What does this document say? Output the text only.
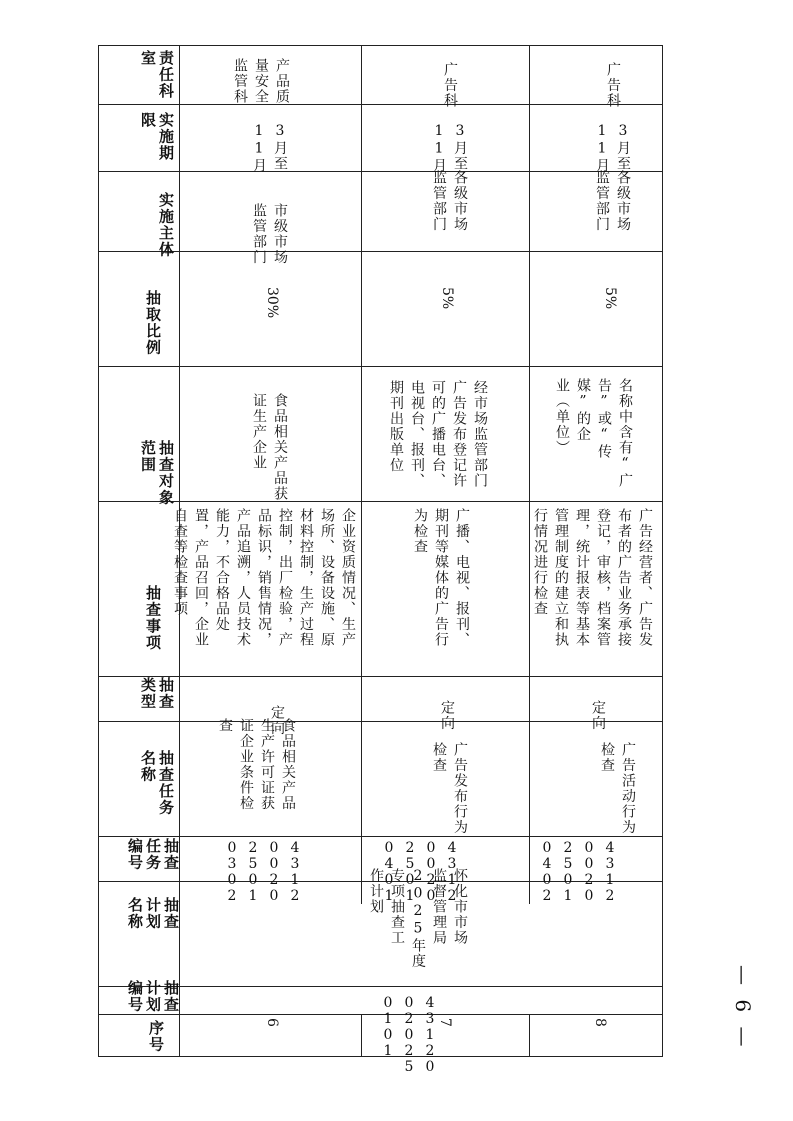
责任科室
实施期限
实施主体
抽取比例
抽查对象范围
抽查事项
抽查类型
抽查任务名称
抽查任务编号
抽查计划名称
抽查计划编号
序号
产品质
量安全
监管科
3月至
11月
市级市场
监管部门
30%
食品相关产品获
证生产企业
企业资质情况、生产
场所、设备设施、原
材料控制，生产过程
控制，出厂检验，产
品标识，销售情况，
产品追溯，人员技术
能力，不合格品处
置，产品召回，企业
自查等检查事项
定向
食品相关产品
生产许可证获
证企业条件检
查
4312
0020
2501
0302
6
怀化市市场
监督管理局
2025年度
专项抽查工
作计划
43120
02025
0101
广告科
3月至
11月
各级市场
监管部门
5%
经市场监管部门
广告发布登记许
可的广播电台、
电视台、报刊、
期刊出版单位
广播、电视、报刊、
期刊等媒体的广告行
为检查
定向
广告发布行为
检查
4312
0020
2501
0401
7
广告科
3月至
11月
各级市场
监管部门
5%
名称中含有“广
告”或“传媒”的企
业（单位）
广告经营者、广告发
布者的广告业务承接
登记，审核，档案管
理，统计报表等基本
管理制度的建立和执
行情况进行检查
定向
广告活动行为
检查
4312
0020
2501
0402
8	— 6 —
